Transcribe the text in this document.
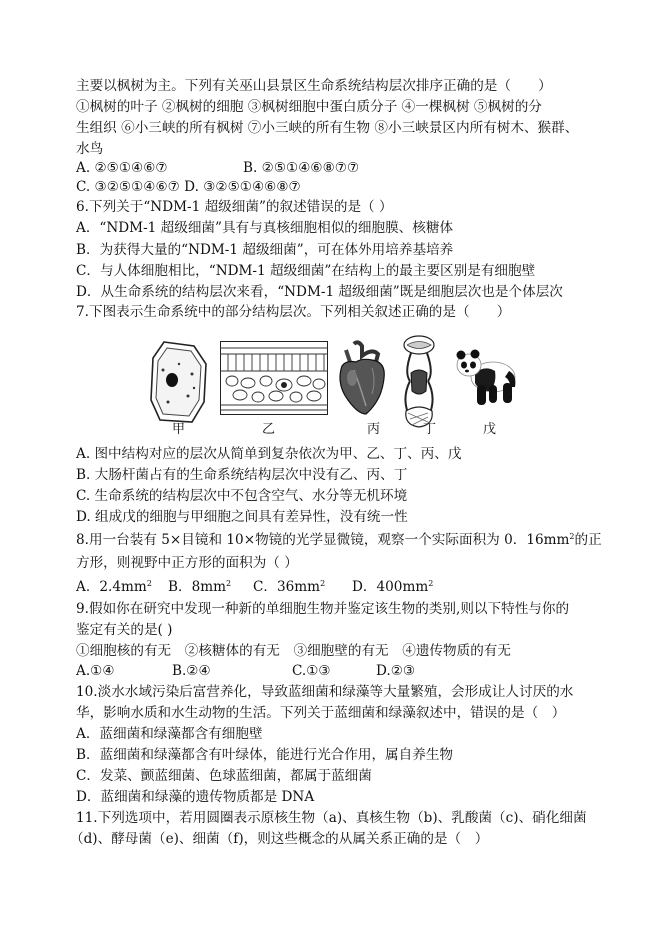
主要以枫树为主。下列有关巫山县景区生命系统结构层次排序正确的是（　　）
①枫树的叶子 ②枫树的细胞 ③枫树细胞中蛋白质分子 ④一棵枫树 ⑤枫树的分
生组织 ⑥小三峡的所有枫树 ⑦小三峡的所有生物 ⑧小三峡景区内所有树木、猴群、
水鸟
A. ②⑤①④⑥⑦	B. ②⑤①④⑥⑧⑦⑦
C. ③②⑤①④⑥⑦ D. ③②⑤①④⑥⑧⑦
6.下列关于“NDM-1 超级细菌”的叙述错误的是（ ）
A．“NDM-1 超级细菌”具有与真核细胞相似的细胞膜、核糖体
B．为获得大量的“NDM-1 超级细菌”，可在体外用培养基培养
C．与人体细胞相比，“NDM-1 超级细菌”在结构上的最主要区别是有细胞壁
D．从生命系统的结构层次来看，“NDM-1 超级细菌”既是细胞层次也是个体层次
7.下图表示生命系统中的部分结构层次。下列相关叙述正确的是（　　）
甲	乙	丙	丁	戊
A. 图中结构对应的层次从简单到复杂依次为甲、乙、丁、丙、戊
B. 大肠杆菌占有的生命系统结构层次中没有乙、丙、丁
C. 生命系统的结构层次中不包含空气、水分等无机环境
D. 组成戊的细胞与甲细胞之间具有差异性，没有统一性
8.用一台装有 5×目镜和 10×物镜的光学显微镜，观察一个实际面积为 0．$16mm^2$的正
方形，则视野中正方形的面积为（ ）
A．$2.4mm^2$ B．$8mm^2$ C．$36mm^2$ D．$400mm^2$
9.假如你在研究中发现一种新的单细胞生物并鉴定该生物的类别,则以下特性与你的
鉴定有关的是( )
①细胞核的有无　②核糖体的有无　③细胞壁的有无　④遗传物质的有无
A.①④	B.②④	C.①③	D.②③
10.淡水水域污染后富营养化，导致蓝细菌和绿藻等大量繁殖，会形成让人讨厌的水
华，影响水质和水生动物的生活。下列关于蓝细菌和绿藻叙述中，错误的是（　）
A．蓝细菌和绿藻都含有细胞壁
B．蓝细菌和绿藻都含有叶绿体，能进行光合作用，属自养生物
C．发菜、颤蓝细菌、色球蓝细菌，都属于蓝细菌
D．蓝细菌和绿藻的遗传物质都是 DNA
11.下列选项中，若用圆圈表示原核生物（a)、真核生物（b)、乳酸菌（c)、硝化细菌
（d)、酵母菌（e)、细菌（f)，则这些概念的从属关系正确的是（　）
